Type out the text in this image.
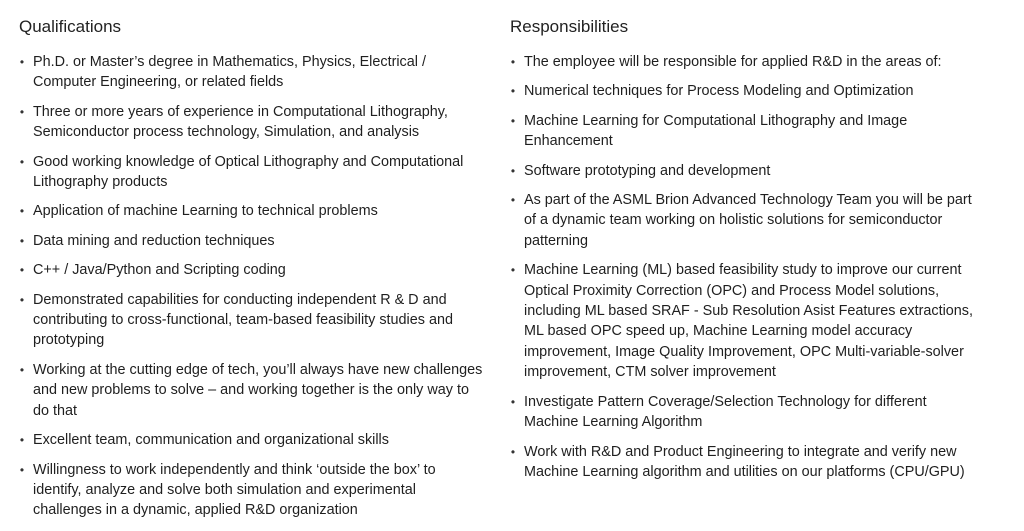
Qualifications
• Ph.D. or Master’s degree in Mathematics, Physics, Electrical / Computer Engineering, or related fields
• Three or more years of experience in Computational Lithography, Semiconductor process technology, Simulation, and analysis
• Good working knowledge of Optical Lithography and Computational Lithography products
• Application of machine Learning to technical problems
• Data mining and reduction techniques
• C++ / Java/Python and Scripting coding
• Demonstrated capabilities for conducting independent R & D and contributing to cross-functional, team-based feasibility studies and prototyping
• Working at the cutting edge of tech, you’ll always have new challenges and new problems to solve – and working together is the only way to do that
• Excellent team, communication and organizational skills
• Willingness to work independently and think ‘outside the box’ to identify, analyze and solve both simulation and experimental challenges in a dynamic, applied R&D organization
Responsibilities
• The employee will be responsible for applied R&D in the areas of:
• Numerical techniques for Process Modeling and Optimization
• Machine Learning for Computational Lithography and Image Enhancement
• Software prototyping and development
• As part of the ASML Brion Advanced Technology Team you will be part of a dynamic team working on holistic solutions for semiconductor patterning
• Machine Learning (ML) based feasibility study to improve our current Optical Proximity Correction (OPC) and Process Model solutions, including ML based SRAF - Sub Resolution Asist Features extractions, ML based OPC speed up, Machine Learning model accuracy improvement, Image Quality Improvement, OPC Multi-variable-solver improvement, CTM solver improvement
• Investigate Pattern Coverage/Selection Technology for different Machine Learning Algorithm
• Work with R&D and Product Engineering to integrate and verify new Machine Learning algorithm and utilities on our platforms (CPU/GPU)
